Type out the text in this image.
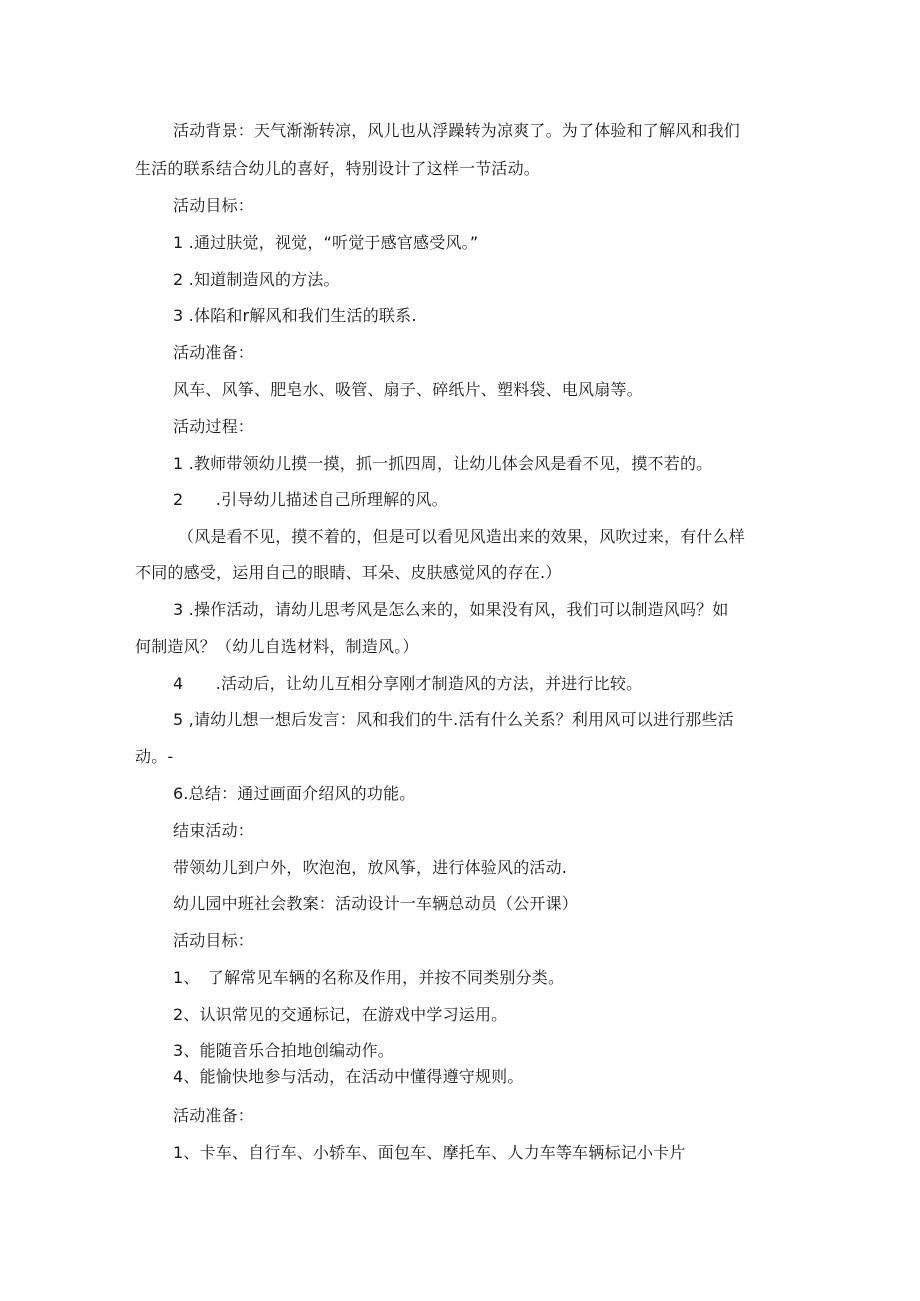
活动背景：天气渐渐转凉，风儿也从浮躁转为凉爽了。为了体验和了解风和我们
生活的联系结合幼儿的喜好，特别设计了这样一节活动。
活动目标：
1 .通过肤觉，视觉，“听觉于感官感受风。”
2 .知道制造风的方法。
3 .体陷和r解风和我们生活的联系.
活动准备：
风车、风筝、肥皂水、吸管、扇子、碎纸片、塑料袋、电风扇等。
活动过程：
1 .教师带领幼儿摸一摸，抓一抓四周，让幼儿体会风是看不见，摸不若的。
2　　.引导幼儿描述自己所理解的风。
（风是看不见，摸不着的，但是可以看见风造出来的效果，风吹过来，有什么样
不同的感受，运用自己的眼睛、耳朵、皮肤感觉风的存在.）
3 .操作活动，请幼儿思考风是怎么来的，如果没有风，我们可以制造风吗？如
何制造风？（幼儿自选材料，制造风。）
4　　.活动后，让幼儿互相分享刚才制造风的方法，并进行比较。
5 ,请幼儿想一想后发言：风和我们的牛.活有什么关系？利用风可以进行那些活
动。-
6.总结：通过画面介绍风的功能。
结束活动：
带领幼儿到户外，吹泡泡，放风筝，进行体验风的活动.
幼儿园中班社会教案：活动设计一车辆总动员（公开课）
活动目标：
1、　了解常见车辆的名称及作用，并按不同类别分类。
2、认识常见的交通标记，在游戏中学习运用。
3、能随音乐合拍地创编动作。
4、能愉快地参与活动，在活动中懂得遵守规则。
活动准备：
1、卡车、自行车、小轿车、面包车、摩托车、人力车等车辆标记小卡片
